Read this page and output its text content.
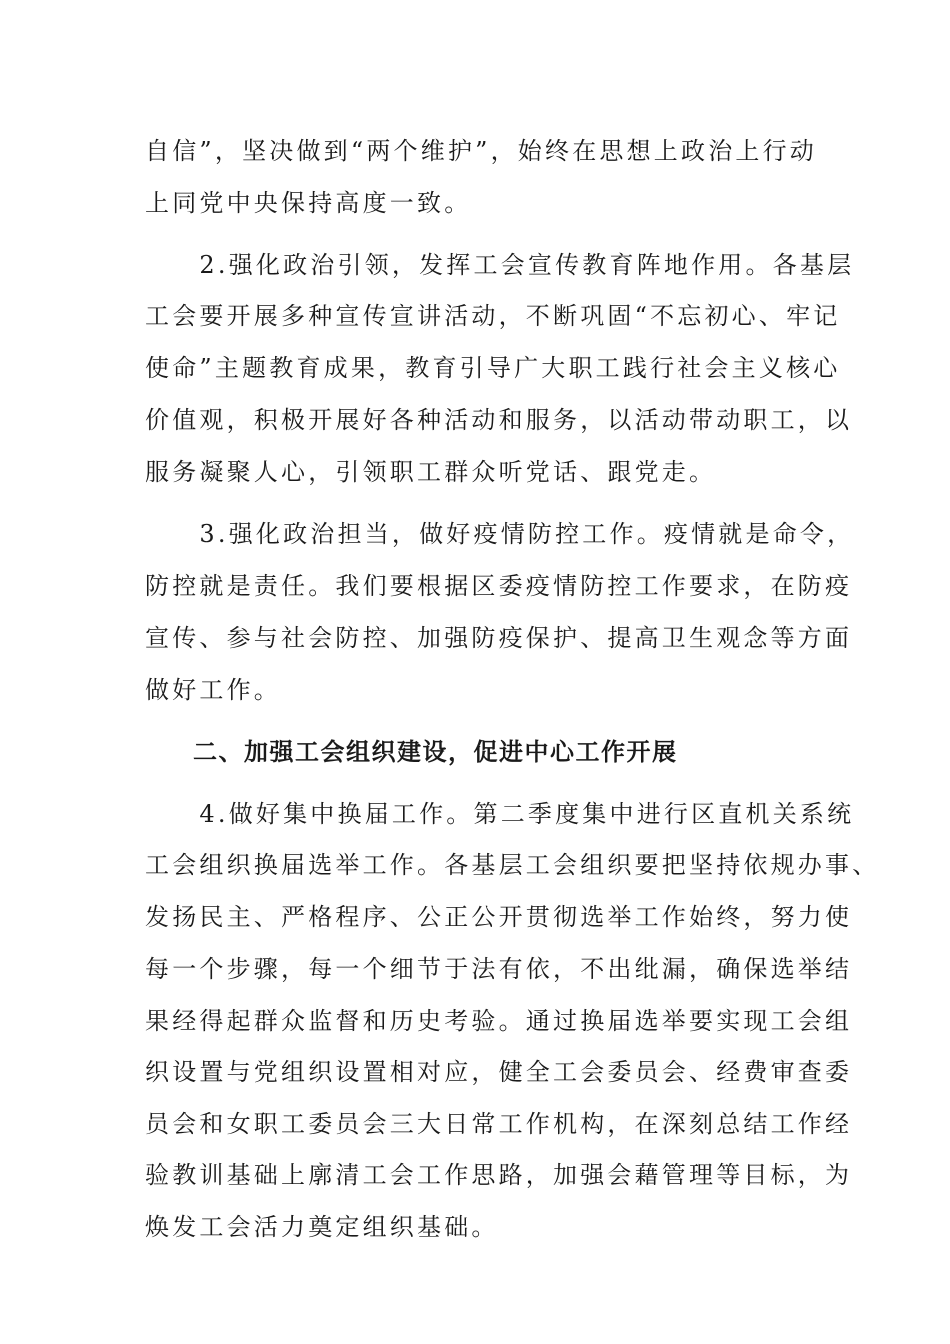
自信”，坚决做到“两个维护”，始终在思想上政治上行动
上同党中央保持高度一致。
　　2.强化政治引领，发挥工会宣传教育阵地作用。各基层
工会要开展多种宣传宣讲活动，不断巩固“不忘初心、牢记
使命”主题教育成果，教育引导广大职工践行社会主义核心
价值观，积极开展好各种活动和服务，以活动带动职工，以
服务凝聚人心，引领职工群众听党话、跟党走。
　　3.强化政治担当，做好疫情防控工作。疫情就是命令，
防控就是责任。我们要根据区委疫情防控工作要求，在防疫
宣传、参与社会防控、加强防疫保护、提高卫生观念等方面
做好工作。
二、加强工会组织建设，促进中心工作开展
　　4.做好集中换届工作。第二季度集中进行区直机关系统
工会组织换届选举工作。各基层工会组织要把坚持依规办事、
发扬民主、严格程序、公正公开贯彻选举工作始终，努力使
每一个步骤，每一个细节于法有依，不出纰漏，确保选举结
果经得起群众监督和历史考验。通过换届选举要实现工会组
织设置与党组织设置相对应，健全工会委员会、经费审查委
员会和女职工委员会三大日常工作机构，在深刻总结工作经
验教训基础上廓清工会工作思路，加强会藉管理等目标，为
焕发工会活力奠定组织基础。
